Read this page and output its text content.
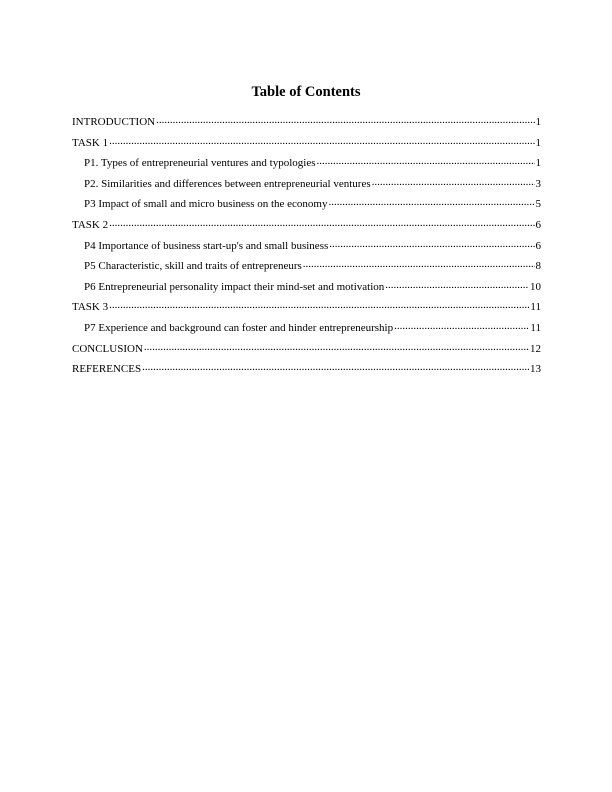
Table of Contents
INTRODUCTION .....	1
TASK 1 .....	1
P1. Types of entrepreneurial ventures and typologies .....	1
P2. Similarities and differences between entrepreneurial ventures .....	3
P3 Impact of small and micro business on the economy .....	5
TASK 2 .....	6
P4 Importance of business start-up's and small business .....	6
P5 Characteristic, skill and traits of entrepreneurs .....	8
P6 Entrepreneurial personality impact their mind-set and motivation .....	10
TASK 3 .....	11
P7 Experience and background can foster and hinder entrepreneurship .....	11
CONCLUSION .....	12
REFERENCES .....	13
